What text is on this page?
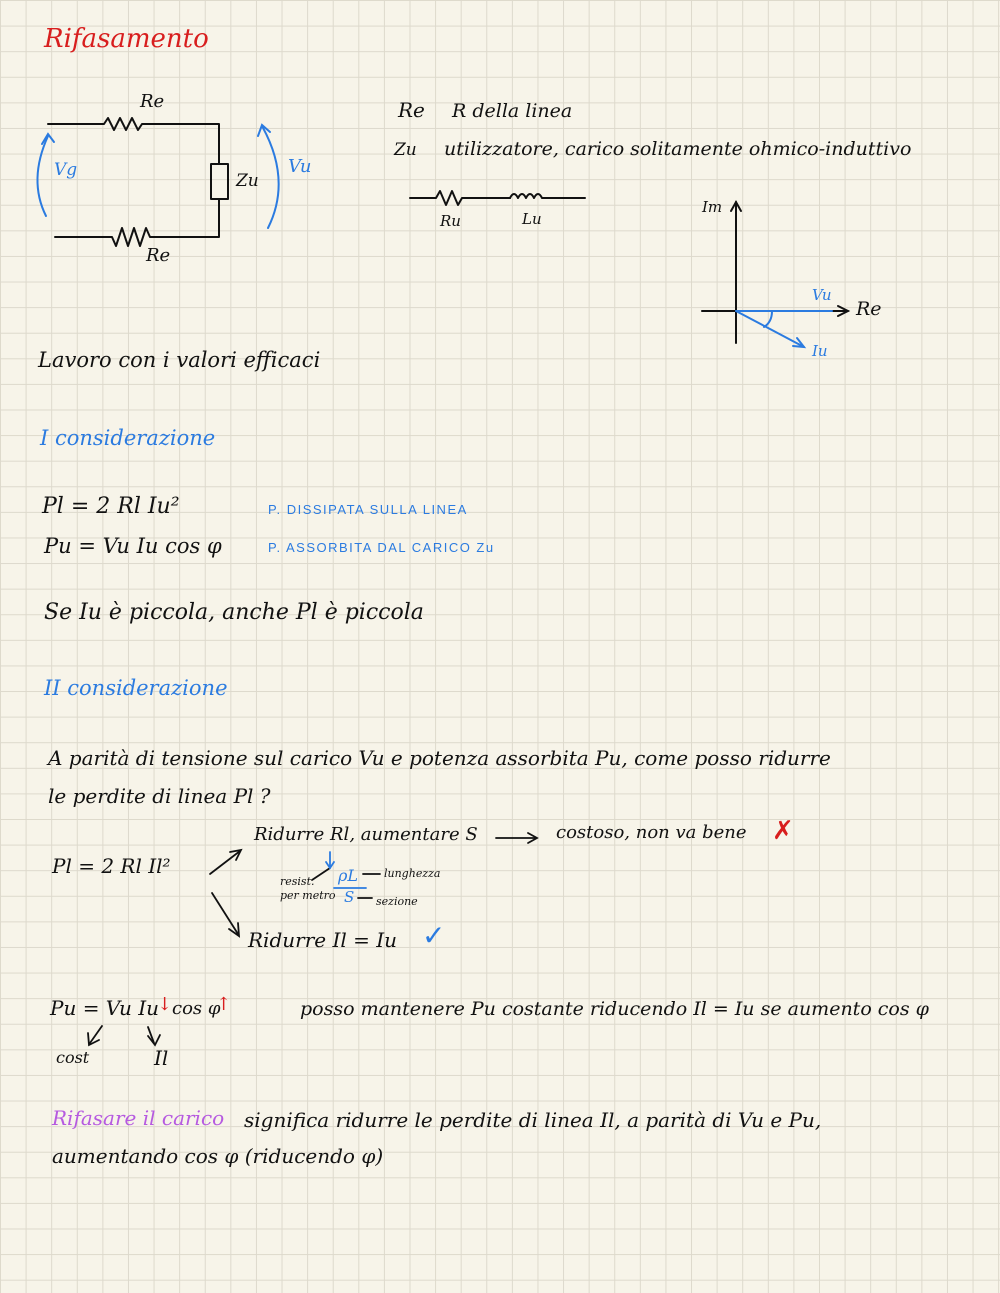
Rifasamento
Re
Re
Zu
Vg	Vu
Re R della linea
Zu utilizzatore, carico solitamente ohmico-induttivo
Ru	Lu
Im
Re
Vu
Iu
Lavoro con i valori efficaci
I considerazione
Pl = 2 Rl Iu²	P. DISSIPATA SULLA LINEA
Pu = Vu Iu cos φ	P. ASSORBITA DAL CARICO Zu
Se Iu è piccola, anche Pl è piccola
II considerazione
A parità di tensione sul carico Vu e potenza assorbita Pu, come posso ridurre
le perdite di linea Pl ?
Pl = 2 Rl Il²
Ridurre Rl, aumentare S	costoso, non va bene ✗
ρL
S
resist.
per metro
lunghezza
sezione
Ridurre Il = Iu ✓
Pu = Vu Iu
↓ cos φ
↑
cost	Il
posso mantenere Pu costante riducendo Il = Iu se aumento cos φ
Rifasare il carico significa ridurre le perdite di linea Il, a parità di Vu e Pu,
aumentando cos φ (riducendo φ)
